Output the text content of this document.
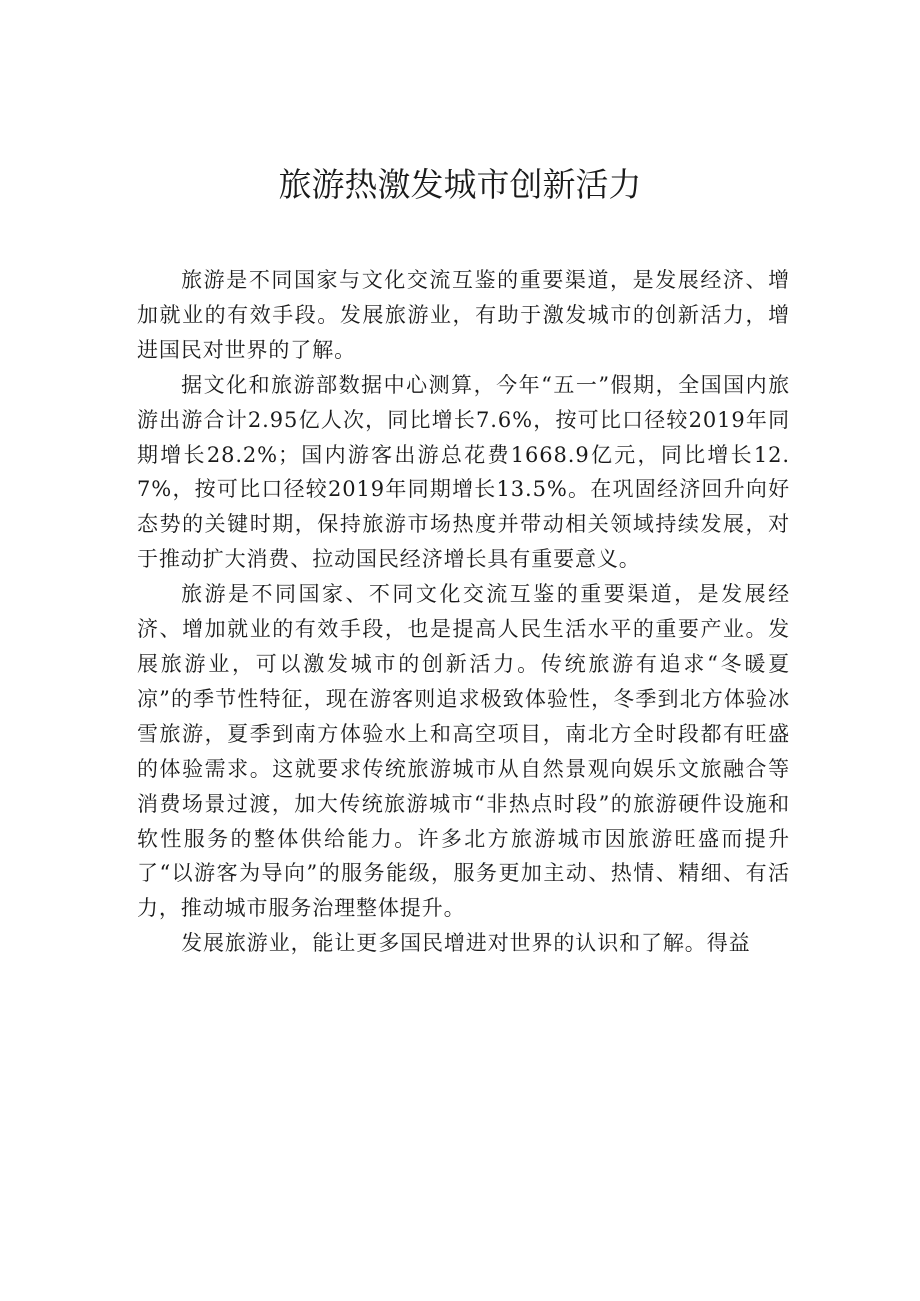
旅游热激发城市创新活力

旅游是不同国家与文化交流互鉴的重要渠道，是发展经济、增加就业的有效手段。发展旅游业，有助于激发城市的创新活力，增进国民对世界的了解。

据文化和旅游部数据中心测算，今年“五一”假期，全国国内旅游出游合计2.95亿人次，同比增长7.6%，按可比口径较2019年同期增长28.2%；国内游客出游总花费1668.9亿元，同比增长12.7%，按可比口径较2019年同期增长13.5%。在巩固经济回升向好态势的关键时期，保持旅游市场热度并带动相关领域持续发展，对于推动扩大消费、拉动国民经济增长具有重要意义。

旅游是不同国家、不同文化交流互鉴的重要渠道，是发展经济、增加就业的有效手段，也是提高人民生活水平的重要产业。发展旅游业，可以激发城市的创新活力。传统旅游有追求“冬暖夏凉”的季节性特征，现在游客则追求极致体验性，冬季到北方体验冰雪旅游，夏季到南方体验水上和高空项目，南北方全时段都有旺盛的体验需求。这就要求传统旅游城市从自然景观向娱乐文旅融合等消费场景过渡，加大传统旅游城市“非热点时段”的旅游硬件设施和软性服务的整体供给能力。许多北方旅游城市因旅游旺盛而提升了“以游客为导向”的服务能级，服务更加主动、热情、精细、有活力，推动城市服务治理整体提升。

发展旅游业，能让更多国民增进对世界的认识和了解。得益
